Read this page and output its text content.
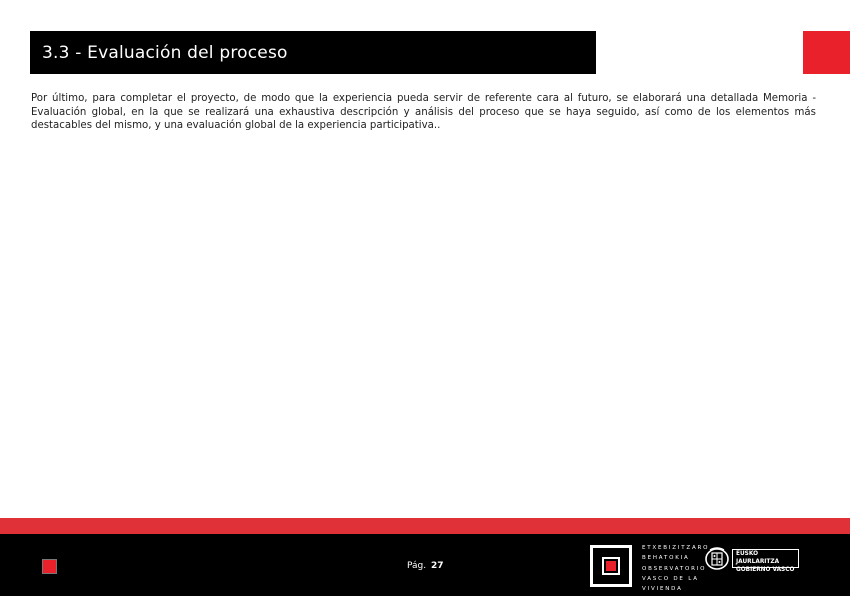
3.3 - Evaluación del proceso

Por último, para completar el proyecto, de modo que la experiencia pueda servir de referente cara al futuro, se elaborará una detallada Memoria - Evaluación global, en la que se realizará una exhaustiva descripción y análisis del proceso que se haya seguido, así como de los elementos más destacables del mismo, y una evaluación global de la experiencia participativa..

Pág. 27
ETXEBIZITZARO
BEHATOKIA
OBSERVATORIO
VASCO DE LA
VIVIENDA
EUSKO JAURLARITZA
GOBIERNO VASCO
